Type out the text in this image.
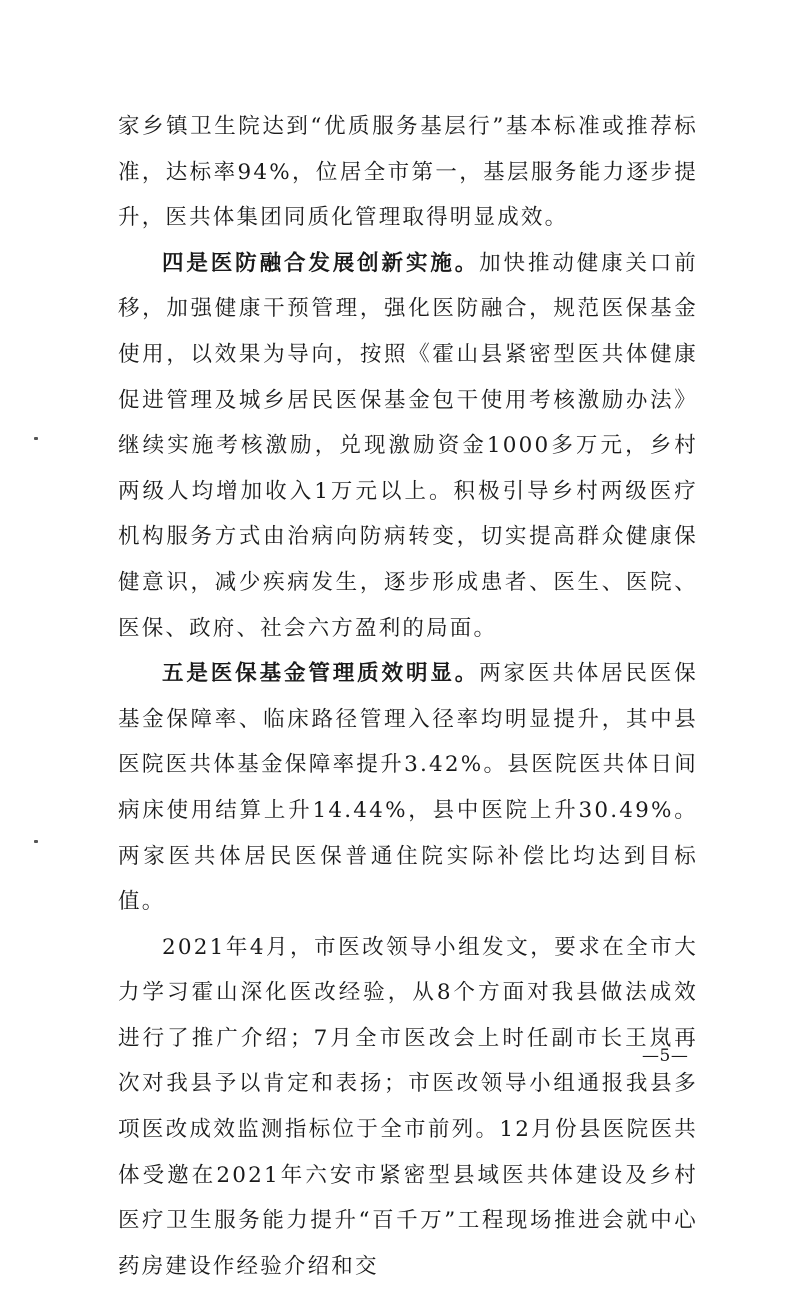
家乡镇卫生院达到“优质服务基层行”基本标准或推荐标准，达标率94%，位居全市第一，基层服务能力逐步提升，医共体集团同质化管理取得明显成效。

四是医防融合发展创新实施。加快推动健康关口前移，加强健康干预管理，强化医防融合，规范医保基金使用，以效果为导向，按照《霍山县紧密型医共体健康促进管理及城乡居民医保基金包干使用考核激励办法》继续实施考核激励，兑现激励资金1000多万元，乡村两级人均增加收入1万元以上。积极引导乡村两级医疗机构服务方式由治病向防病转变，切实提高群众健康保健意识，减少疾病发生，逐步形成患者、医生、医院、医保、政府、社会六方盈利的局面。

五是医保基金管理质效明显。两家医共体居民医保基金保障率、临床路径管理入径率均明显提升，其中县医院医共体基金保障率提升3.42%。县医院医共体日间病床使用结算上升14.44%，县中医院上升30.49%。两家医共体居民医保普通住院实际补偿比均达到目标值。

2021年4月，市医改领导小组发文，要求在全市大力学习霍山深化医改经验，从8个方面对我县做法成效进行了推广介绍；7月全市医改会上时任副市长王岚再次对我县予以肯定和表扬；市医改领导小组通报我县多项医改成效监测指标位于全市前列。12月份县医院医共体受邀在2021年六安市紧密型县域医共体建设及乡村医疗卫生服务能力提升“百千万”工程现场推进会就中心药房建设作经验介绍和交

—5—
